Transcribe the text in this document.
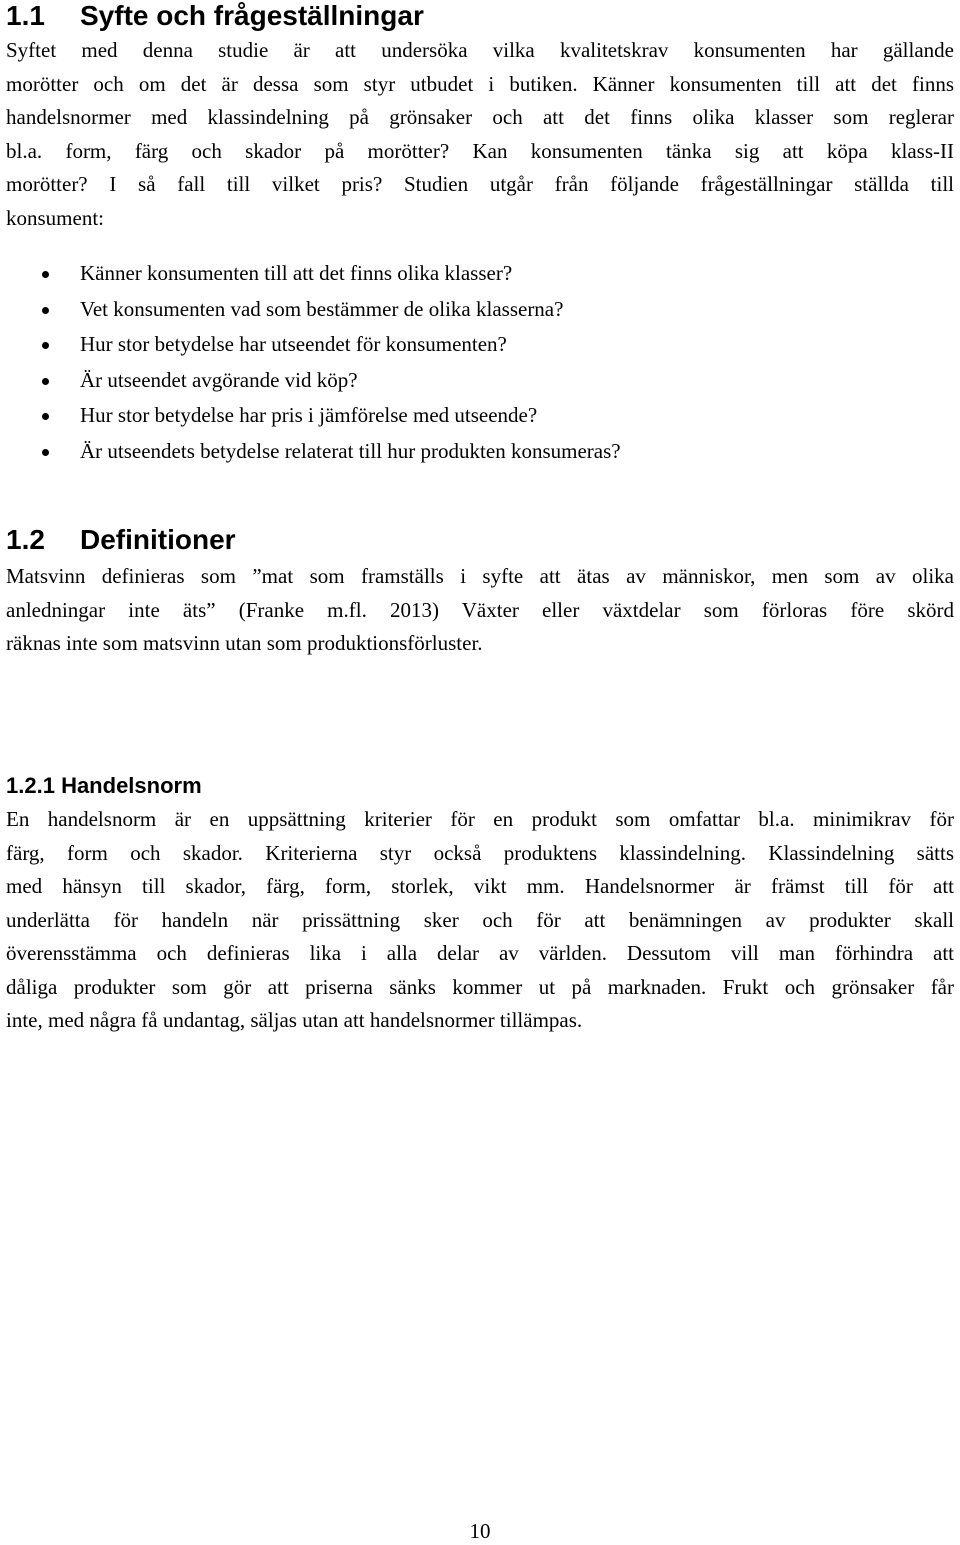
1.1 Syfte och frågeställningar
Syftet med denna studie är att undersöka vilka kvalitetskrav konsumenten har gällande
morötter och om det är dessa som styr utbudet i butiken. Känner konsumenten till att det finns
handelsnormer med klassindelning på grönsaker och att det finns olika klasser som reglerar
bl.a. form, färg och skador på morötter? Kan konsumenten tänka sig att köpa klass-II
morötter? I så fall till vilket pris? Studien utgår från följande frågeställningar ställda till
konsument:
Känner konsumenten till att det finns olika klasser?
Vet konsumenten vad som bestämmer de olika klasserna?
Hur stor betydelse har utseendet för konsumenten?
Är utseendet avgörande vid köp?
Hur stor betydelse har pris i jämförelse med utseende?
Är utseendets betydelse relaterat till hur produkten konsumeras?
1.2 Definitioner
Matsvinn definieras som ”mat som framställs i syfte att ätas av människor, men som av olika
anledningar inte äts” (Franke m.fl. 2013) Växter eller växtdelar som förloras före skörd
räknas inte som matsvinn utan som produktionsförluster.
1.2.1 Handelsnorm
En handelsnorm är en uppsättning kriterier för en produkt som omfattar bl.a. minimikrav för
färg, form och skador. Kriterierna styr också produktens klassindelning. Klassindelning sätts
med hänsyn till skador, färg, form, storlek, vikt mm. Handelsnormer är främst till för att
underlätta för handeln när prissättning sker och för att benämningen av produkter skall
överensstämma och definieras lika i alla delar av världen. Dessutom vill man förhindra att
dåliga produkter som gör att priserna sänks kommer ut på marknaden. Frukt och grönsaker får
inte, med några få undantag, säljas utan att handelsnormer tillämpas.
10
